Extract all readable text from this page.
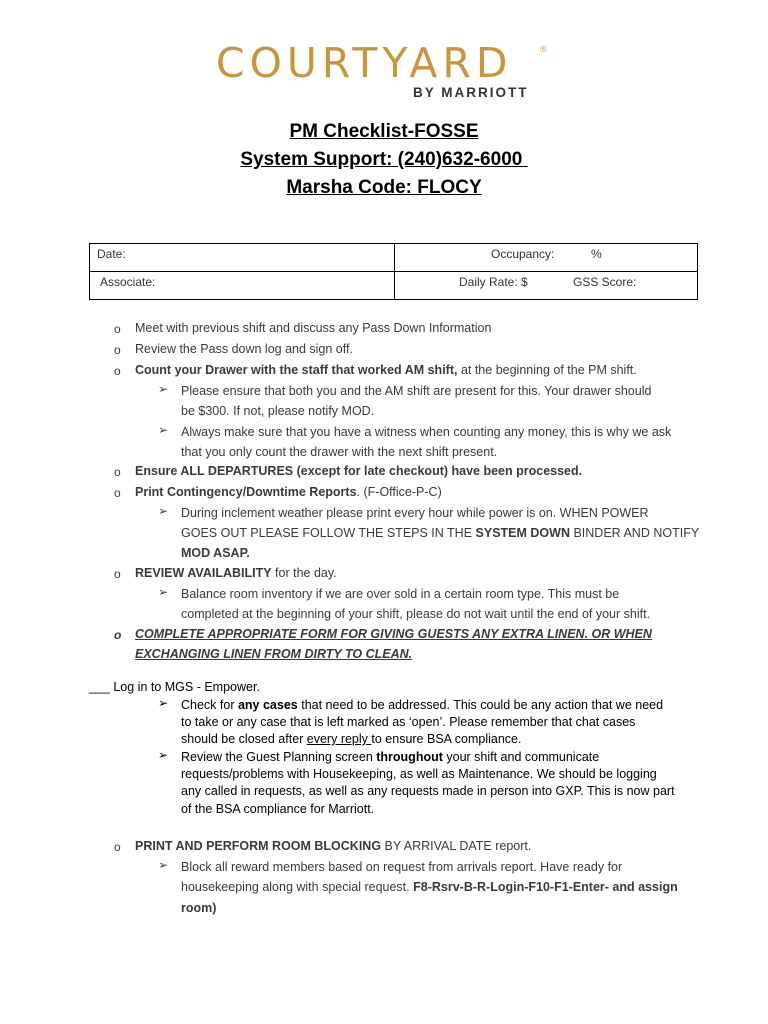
COURTYARD	®
BY MARRIOTT
PM Checklist-FOSSE
System Support: (240)632-6000
Marsha Code: FLOCY
Date:	Occupancy: %

Associate:	Daily Rate: $ GSS Score:
o Meet with previous shift and discuss any Pass Down Information
o Review the Pass down log and sign off.
o Count your Drawer with the staff that worked AM shift, at the beginning of the PM shift.
➢ Please ensure that both you and the AM shift are present for this. Your drawer should
be $300. If not, please notify MOD.
➢ Always make sure that you have a witness when counting any money, this is why we ask
that you only count the drawer with the next shift present.
o Ensure ALL DEPARTURES (except for late checkout) have been processed.
o Print Contingency/Downtime Reports. (F-Office-P-C)
➢ During inclement weather please print every hour while power is on. WHEN POWER
GOES OUT PLEASE FOLLOW THE STEPS IN THE SYSTEM DOWN BINDER AND NOTIFY
MOD ASAP.
o REVIEW AVAILABILITY for the day.
➢ Balance room inventory if we are over sold in a certain room type. This must be
completed at the beginning of your shift, please do not wait until the end of your shift.
o COMPLETE APPROPRIATE FORM FOR GIVING GUESTS ANY EXTRA LINEN. OR WHEN
EXCHANGING LINEN FROM DIRTY TO CLEAN.
___ Log in to MGS - Empower.
➢ Check for any cases that need to be addressed. This could be any action that we need
to take or any case that is left marked as ‘open’. Please remember that chat cases
should be closed after every reply to ensure BSA compliance.
➢ Review the Guest Planning screen throughout your shift and communicate
requests/problems with Housekeeping, as well as Maintenance. We should be logging
any called in requests, as well as any requests made in person into GXP. This is now part
of the BSA compliance for Marriott.
o PRINT AND PERFORM ROOM BLOCKING BY ARRIVAL DATE report.
➢ Block all reward members based on request from arrivals report. Have ready for
housekeeping along with special request. F8-Rsrv-B-R-Login-F10-F1-Enter- and assign
room)
